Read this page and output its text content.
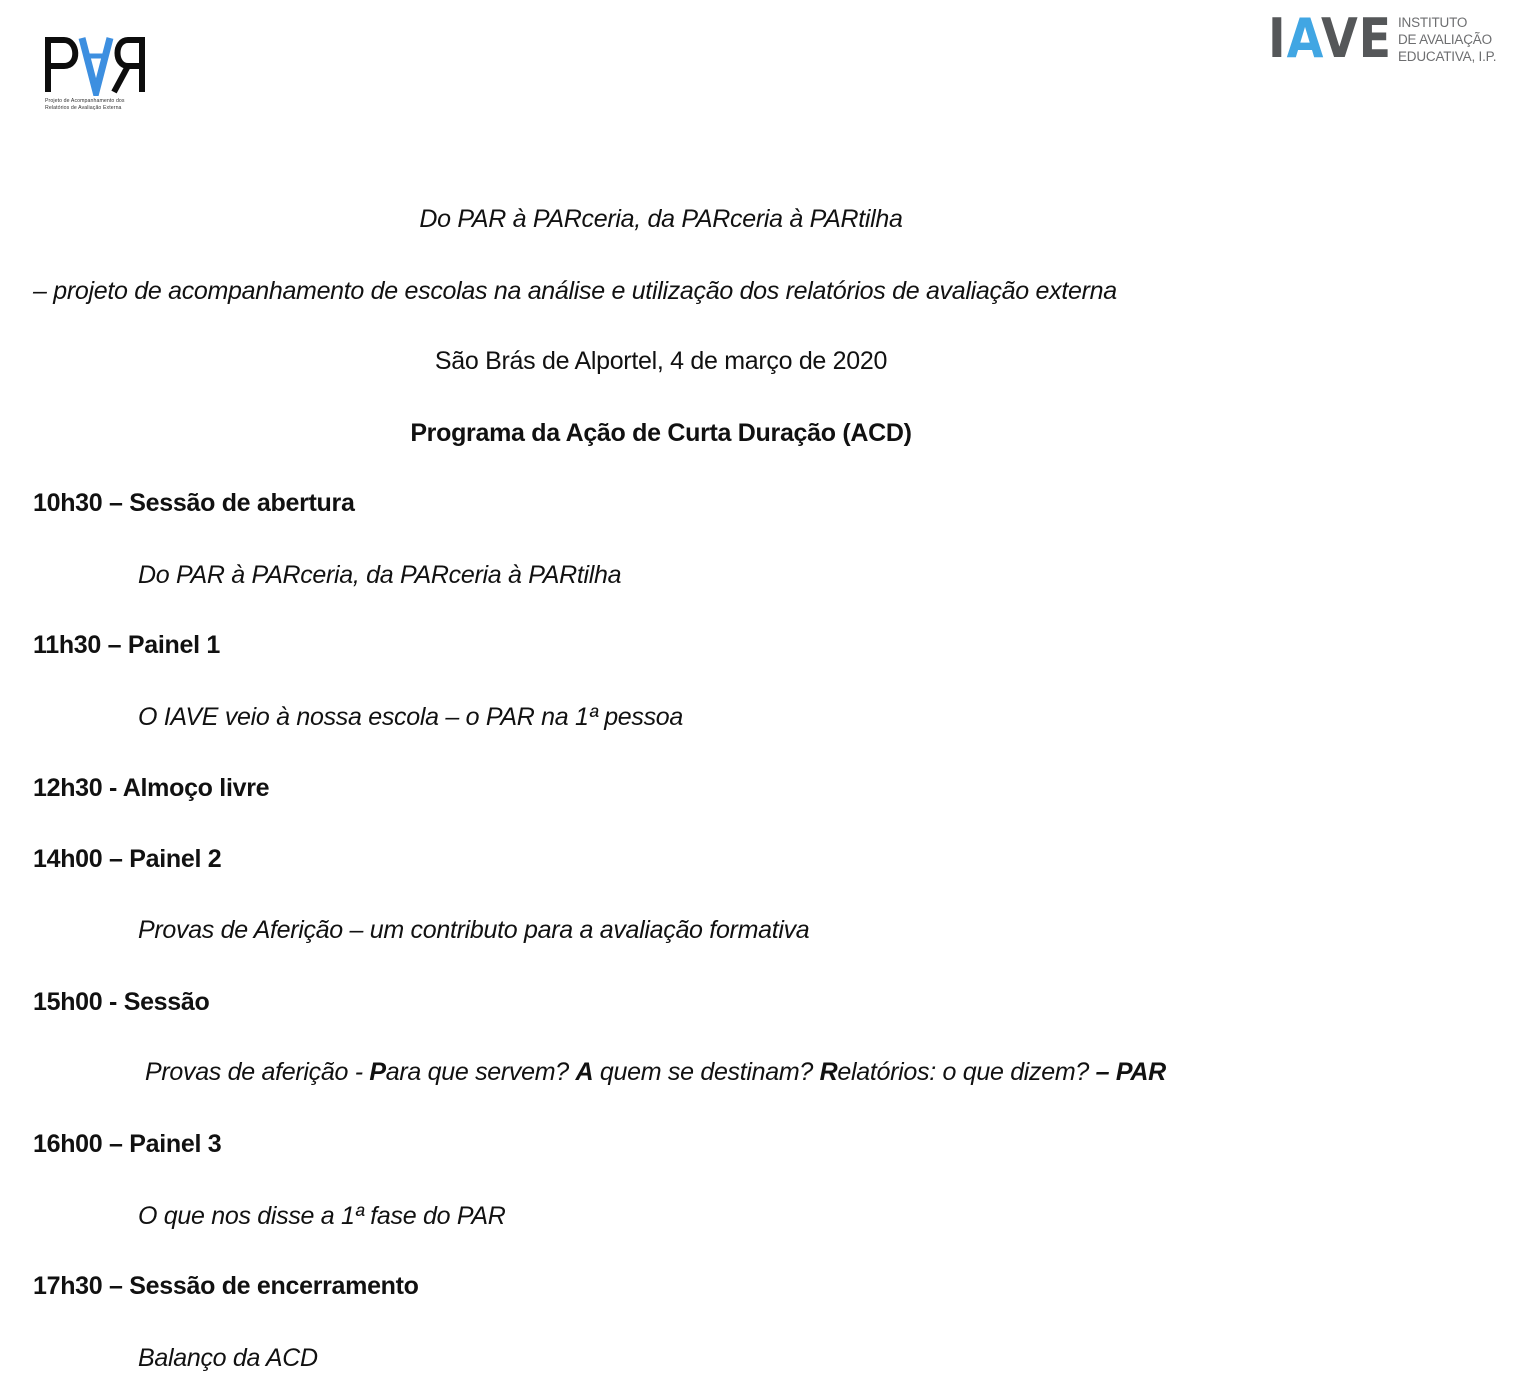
Projeto de Acompanhamento dos
Relatórios de Avaliação Externa
IAVE INSTITUTO
DE AVALIAÇÃO
EDUCATIVA, I.P.
Do PAR à PARceria, da PARceria à PARtilha
– projeto de acompanhamento de escolas na análise e utilização dos relatórios de avaliação externa
São Brás de Alportel, 4 de março de 2020
Programa da Ação de Curta Duração (ACD)
10h30 – Sessão de abertura
Do PAR à PARceria, da PARceria à PARtilha
11h30 – Painel 1
O IAVE veio à nossa escola – o PAR na 1ª pessoa
12h30 - Almoço livre
14h00 – Painel 2
Provas de Aferição – um contributo para a avaliação formativa
15h00 - Sessão
Provas de aferição - Para que servem? A quem se destinam? Relatórios: o que dizem? – PAR
16h00 – Painel 3
O que nos disse a 1ª fase do PAR
17h30 – Sessão de encerramento
Balanço da ACD
